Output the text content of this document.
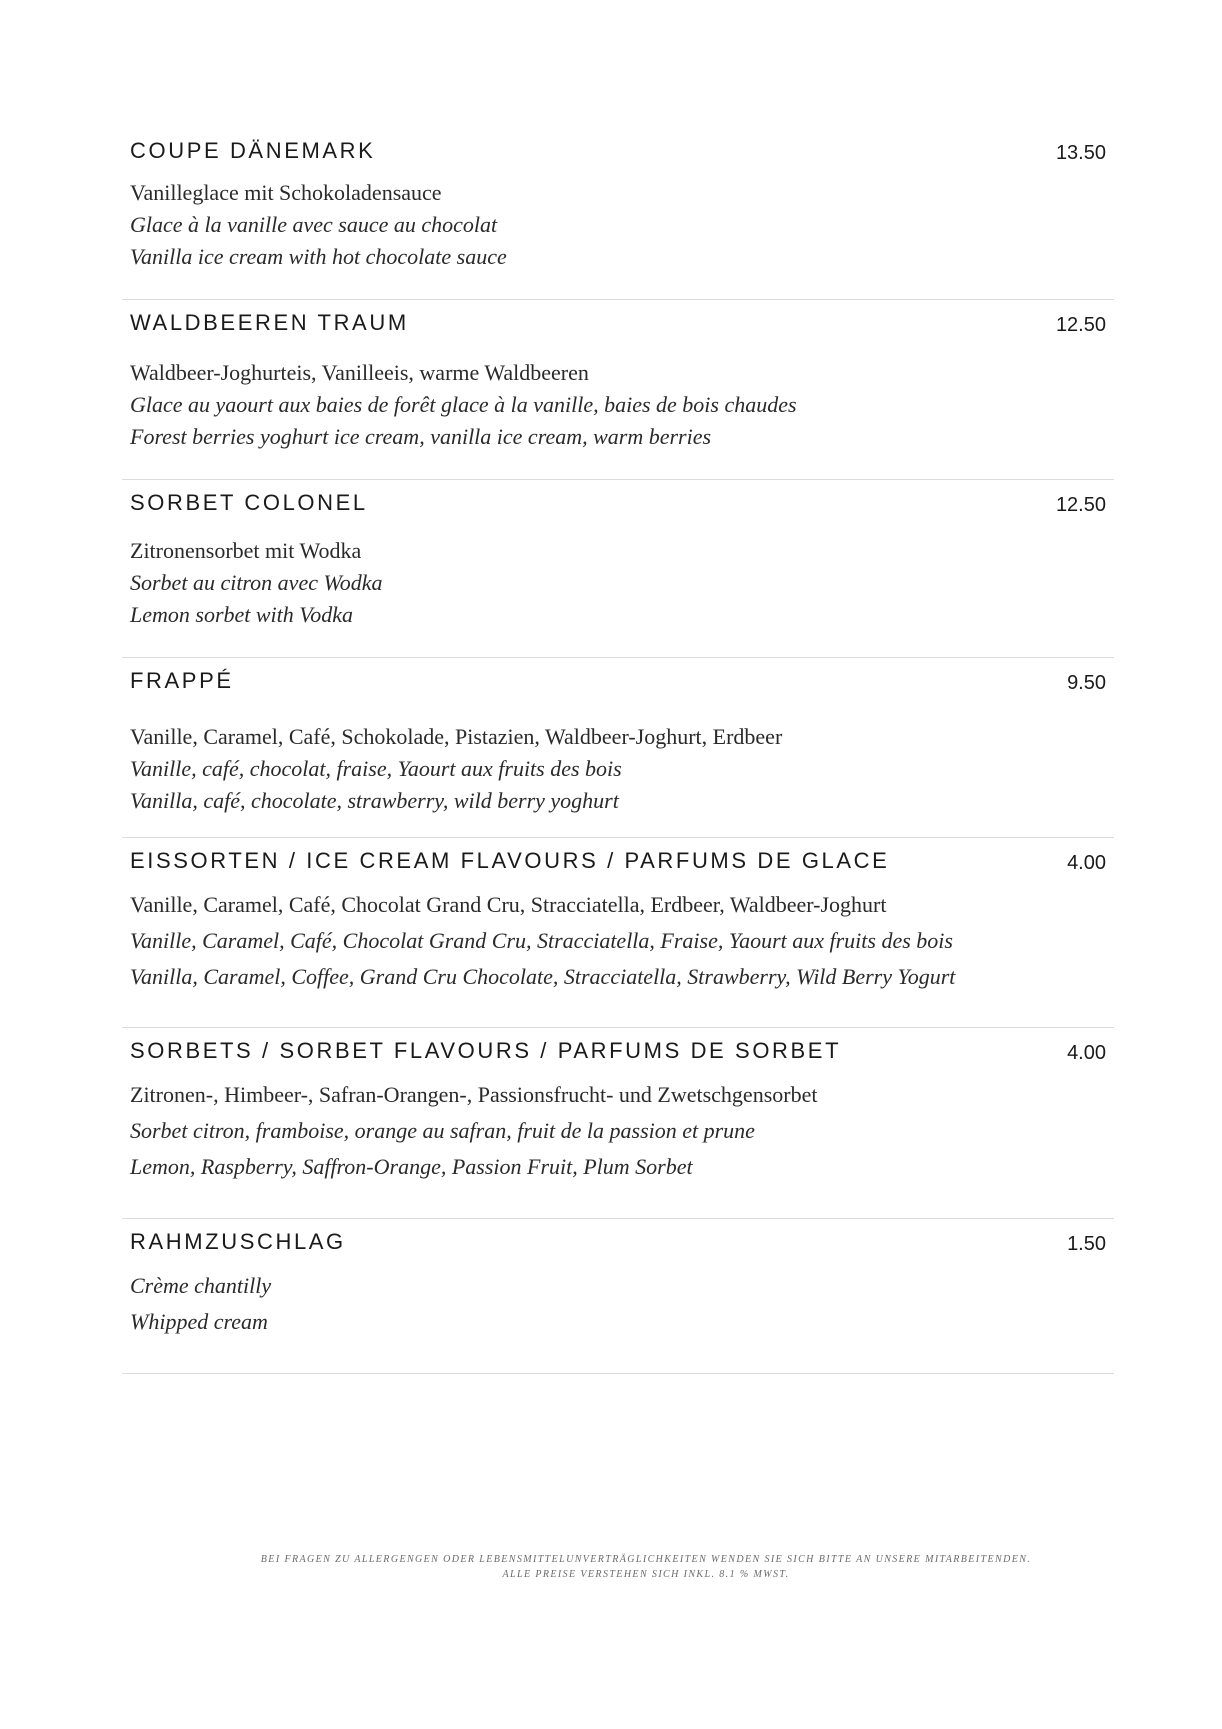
COUPE DÄNEMARK	13.50

Vanilleglace mit Schokoladensauce

Glace à la vanille avec sauce au chocolat

Vanilla ice cream with hot chocolate sauce

WALDBEEREN TRAUM	12.50

Waldbeer-Joghurteis, Vanilleeis, warme Waldbeeren

Glace au yaourt aux baies de forêt glace à la vanille, baies de bois chaudes

Forest berries yoghurt ice cream, vanilla ice cream, warm berries

SORBET COLONEL	12.50

Zitronensorbet mit Wodka

Sorbet au citron avec Wodka

Lemon sorbet with Vodka

FRAPPÉ	9.50

Vanille, Caramel, Café, Schokolade, Pistazien, Waldbeer-Joghurt, Erdbeer

Vanille, café, chocolat, fraise, Yaourt aux fruits des bois

Vanilla, café, chocolate, strawberry, wild berry yoghurt

EISSORTEN / ICE CREAM FLAVOURS / PARFUMS DE GLACE	4.00

Vanille, Caramel, Café, Chocolat Grand Cru, Stracciatella, Erdbeer, Waldbeer-Joghurt

Vanille, Caramel, Café, Chocolat Grand Cru, Stracciatella, Fraise, Yaourt aux fruits des bois

Vanilla, Caramel, Coffee, Grand Cru Chocolate, Stracciatella, Strawberry, Wild Berry Yogurt

SORBETS / SORBET FLAVOURS / PARFUMS DE SORBET	4.00

Zitronen-, Himbeer-, Safran-Orangen-, Passionsfrucht- und Zwetschgensorbet

Sorbet citron, framboise, orange au safran, fruit de la passion et prune

Lemon, Raspberry, Saffron-Orange, Passion Fruit, Plum Sorbet

RAHMZUSCHLAG	1.50

Crème chantilly

Whipped cream

BEI FRAGEN ZU ALLERGENGEN ODER LEBENSMITTELUNVERTRÄGLICHKEITEN WENDEN SIE SICH BITTE AN UNSERE MITARBEITENDEN.
ALLE PREISE VERSTEHEN SICH INKL. 8.1 % MWST.
